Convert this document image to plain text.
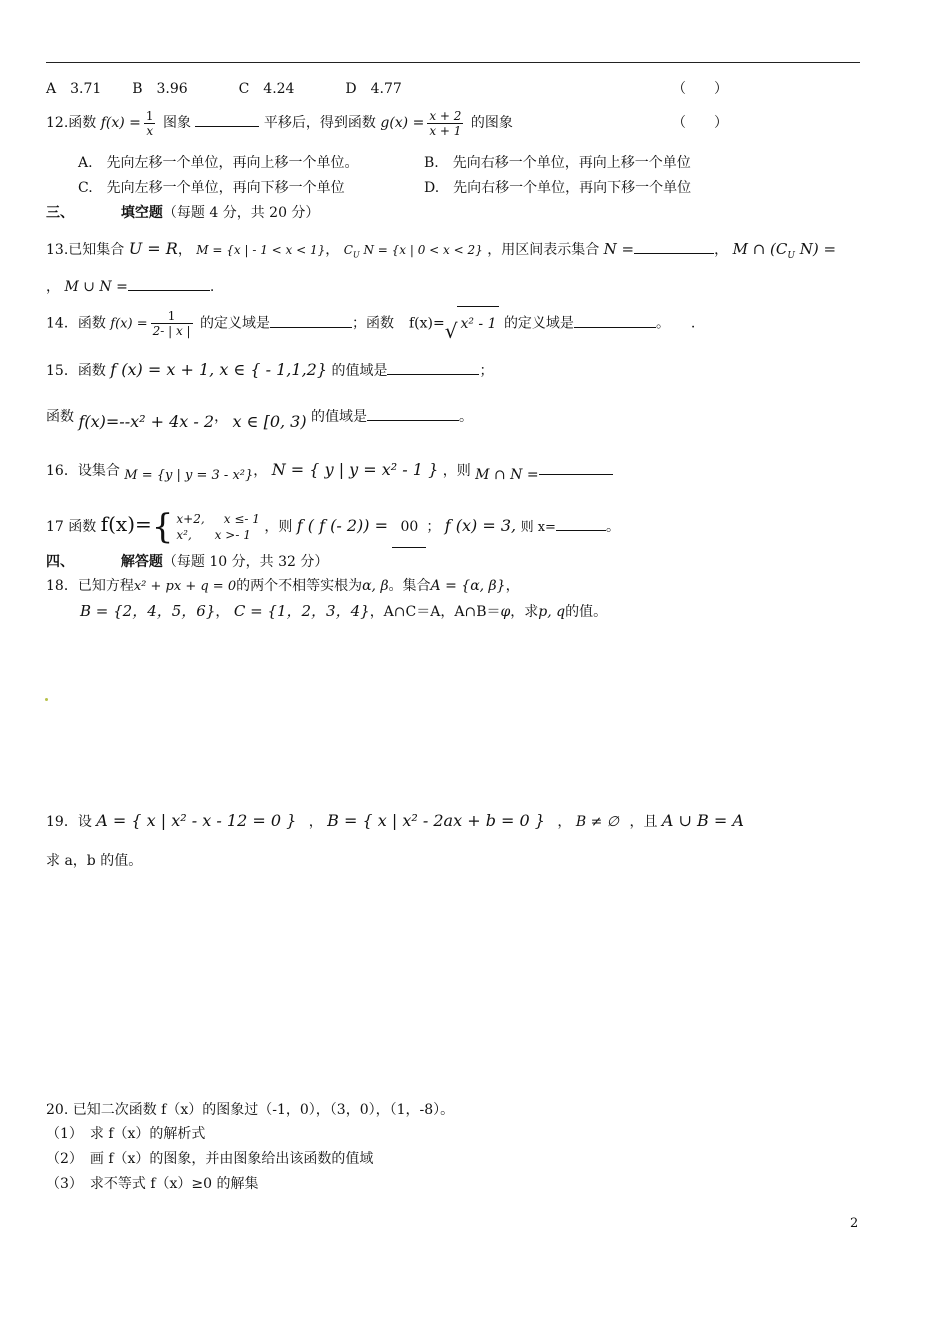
A　3.71 B　3.96	C　4.24	D　4.77	（　　）
12.函数 $f(x) = \frac{1}{x}$ 图象	平移后，得到函数 $g(x) = \frac{x + 2}{x + 1}$ 的图象	（　　）
A.　先向左移一个单位，再向上移一个单位。	B.　先向右移一个单位，再向上移一个单位
C.　先向左移一个单位，再向下移一个单位	D.　先向右移一个单位，再向下移一个单位
三、	填空题（每题 4 分，共 20 分）
13.已知集合 U = R， M = {x | - 1 < x < 1}， $C_U$ N = {x | 0 < x < 2} ，用区间表示集合 N =	， M ∩ ($C_U$ N) =
， M ∪ N =	.
14．函数 $f(x) = \frac{1}{2- | x |}$ 的定义域是	；函数 f(x)= √ x² - 1 的定义域是	。　　.
15．函数 f (x) = x + 1, x ∈ { - 1,1,2} 的值域是	；
函数 f(x)=--x² + 4x - 2， x ∈ [0, 3) 的值域是	。
16．设集合 M = {y | y = 3 - x²}， N = { y | y = x² - 1 } ，则 M ∩ N =
17 函数 f(x)= { x+2,     x ≤- 1
x²,      x >- 1 ，则 f ( f (- 2)) = 00 ； f (x) = 3, 则 x=	。
四、	解答题（每题 10 分，共 32 分）
18．已知方程x² + px + q = 0的两个不相等实根为α, β。集合A = {α, β}，
B = {2，4，5，6}， C = {1，2，3，4}，A∩C＝A，A∩B＝φ，求p, q的值。
19．设 A = { x | x² - x - 12 = 0 } ， B = { x | x² - 2ax + b = 0 } ， B ≠ ∅ ，且 A ∪ B = A
求 a，b 的值。
20. 已知二次函数 f（x）的图象过（-1，0），（3，0），（1，-8）。
（1）　求 f（x）的解析式
（2）　画 f（x）的图象，并由图象给出该函数的值域
（3）　求不等式 f（x）≥0 的解集
2
